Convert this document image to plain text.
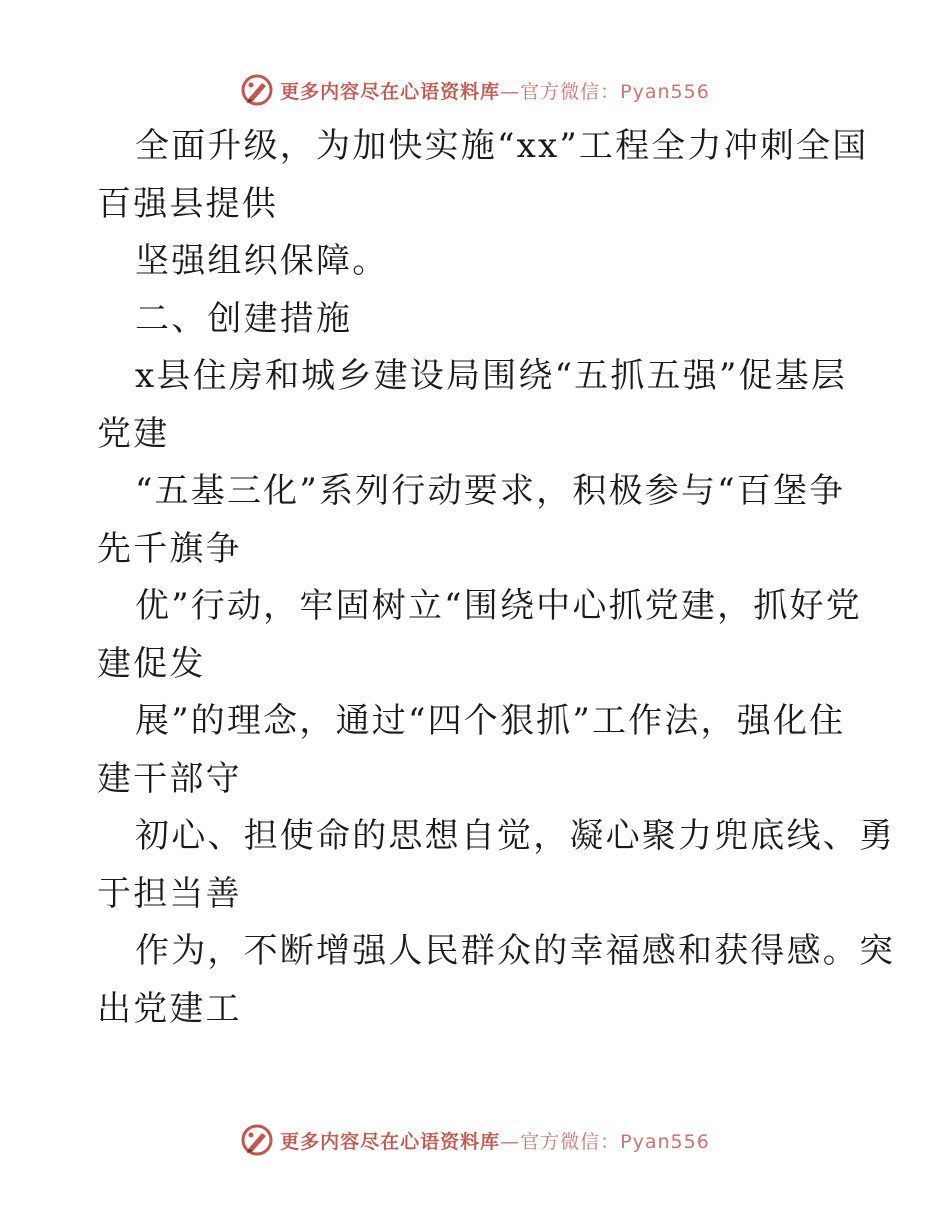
更多内容尽在心语资料库—官方微信：Pyan556
全面升级，为加快实施“xx”工程全力冲刺全国
百强县提供
坚强组织保障。
二、创建措施
x县住房和城乡建设局围绕“五抓五强”促基层
党建
“五基三化”系列行动要求，积极参与“百堡争
先千旗争
优”行动，牢固树立“围绕中心抓党建，抓好党
建促发
展”的理念，通过“四个狠抓”工作法，强化住
建干部守
初心、担使命的思想自觉，凝心聚力兜底线、勇
于担当善
作为，不断增强人民群众的幸福感和获得感。突
出党建工
更多内容尽在心语资料库—官方微信：Pyan556
